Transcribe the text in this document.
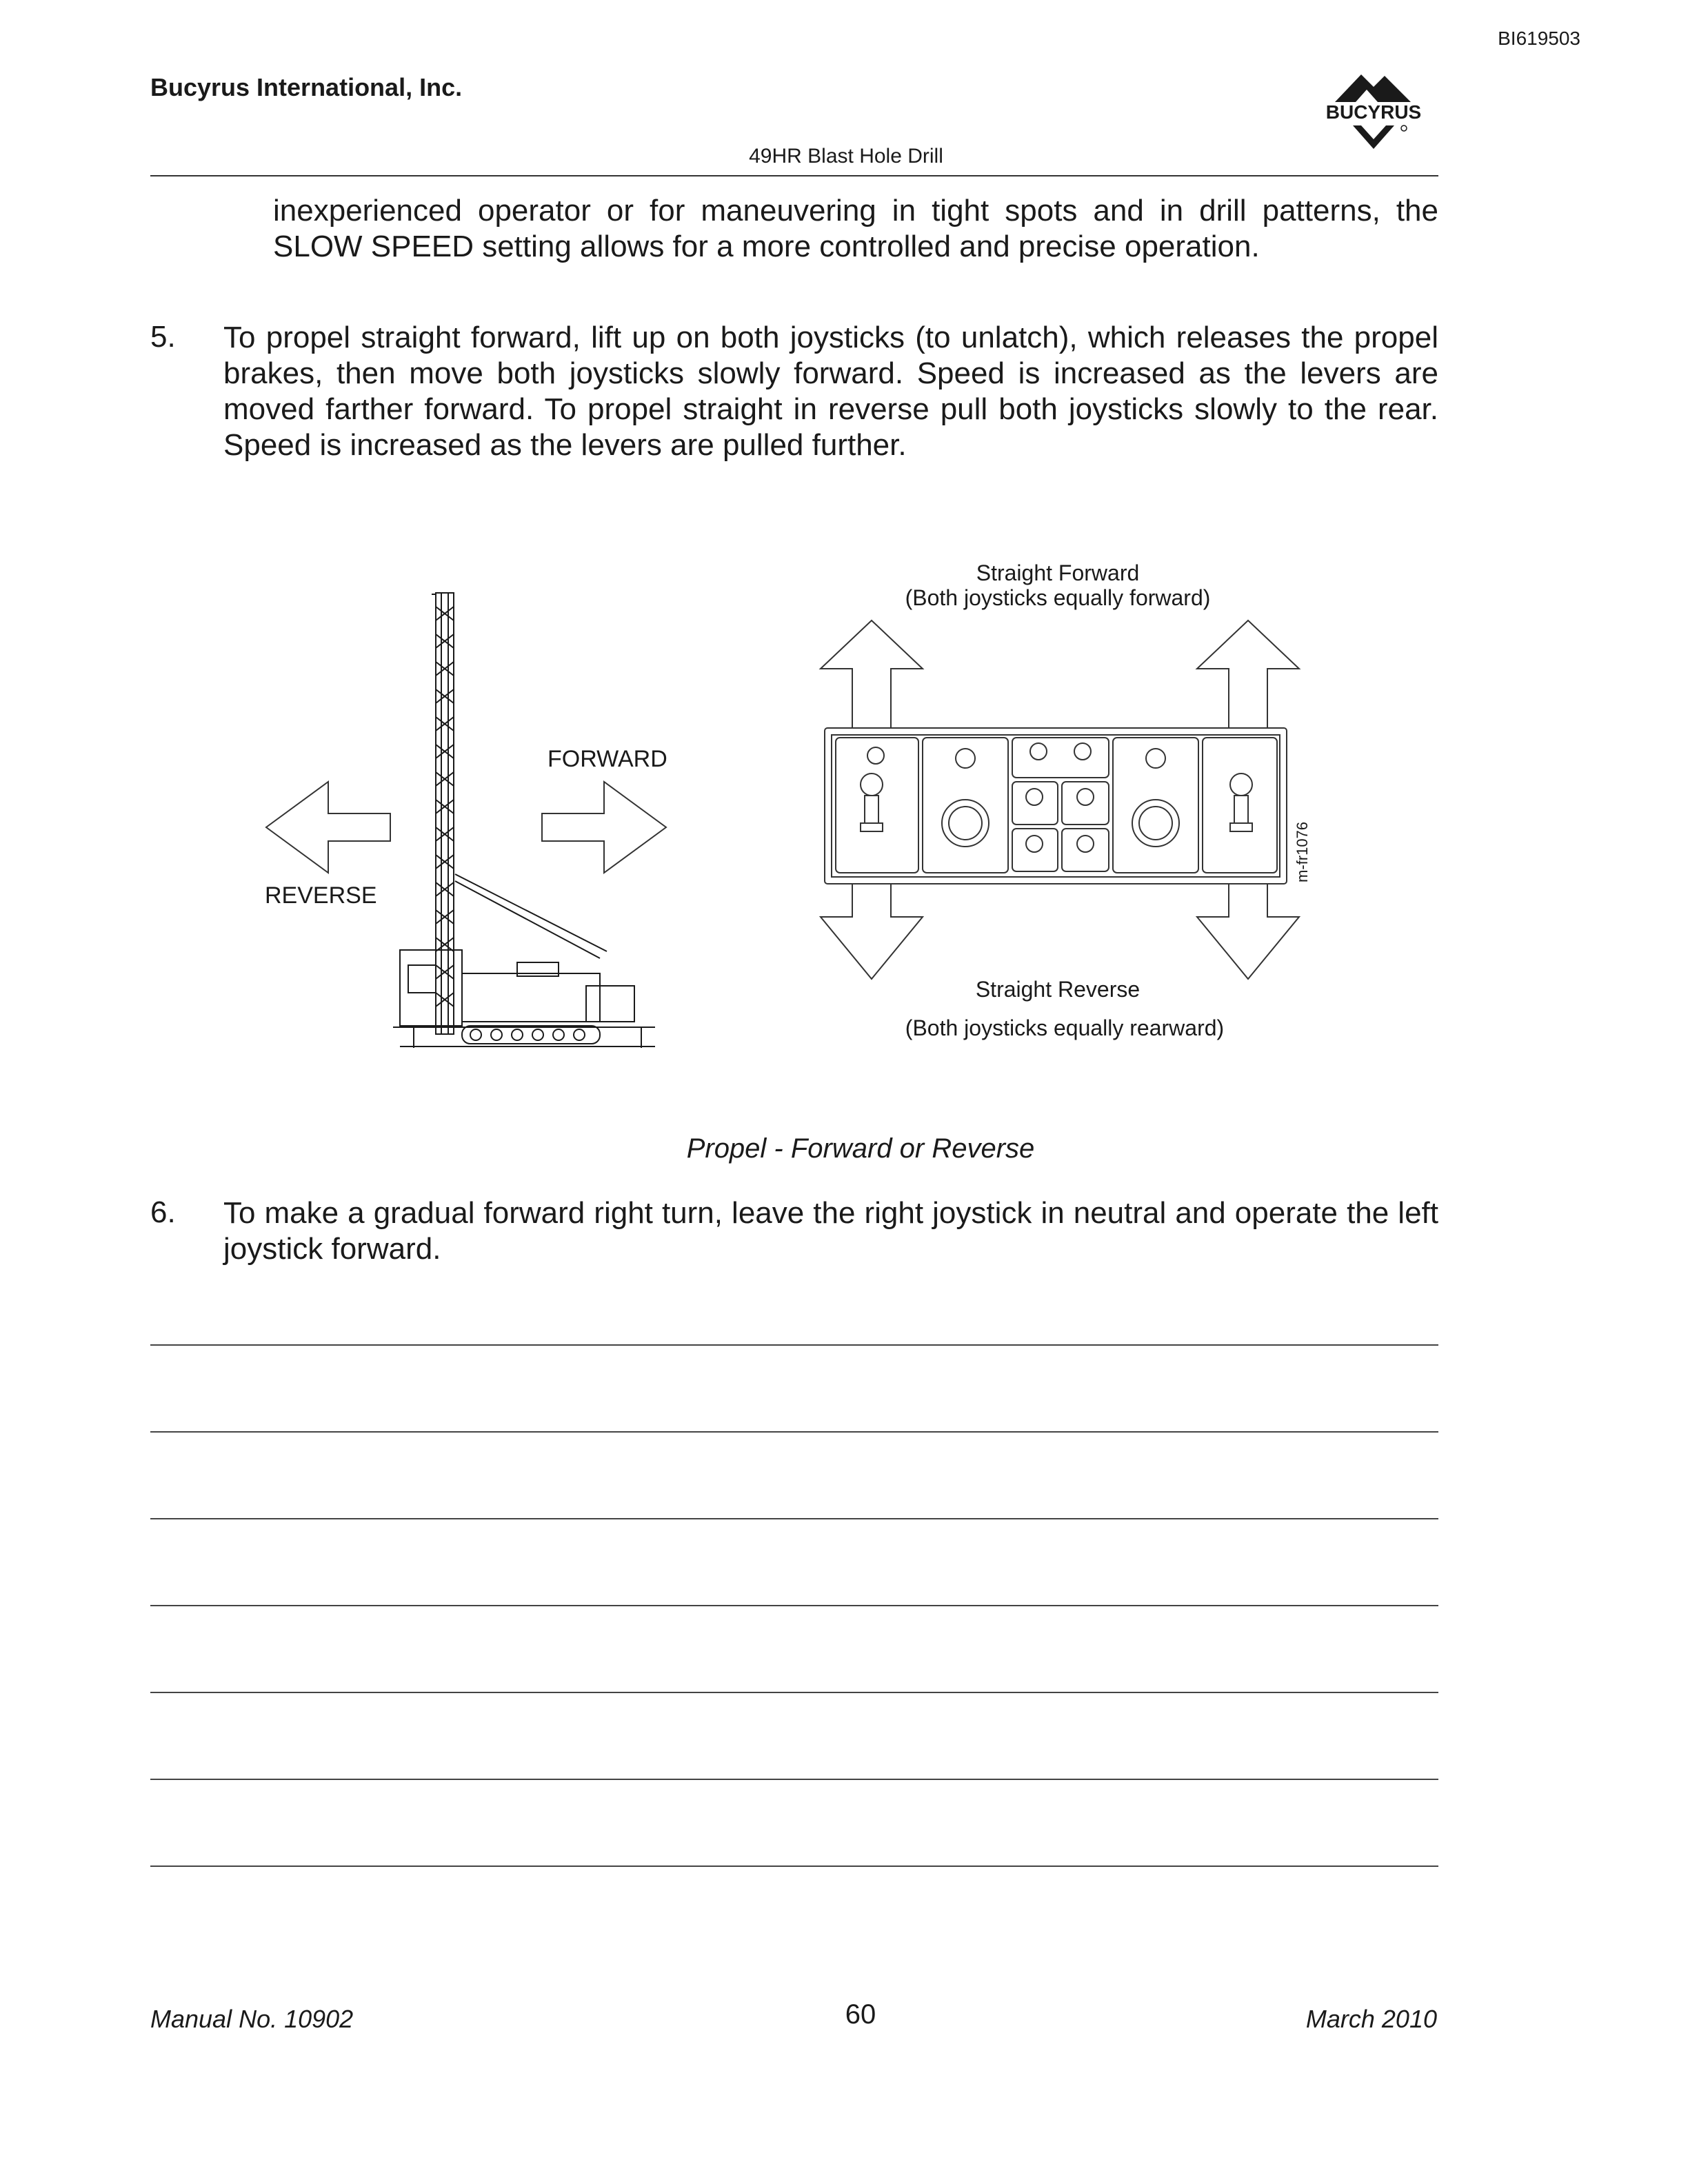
BI619503
Bucyrus International, Inc.
BUCYRUS
49HR Blast Hole Drill
inexperienced operator or for maneuvering in tight spots and in drill patterns, the SLOW SPEED setting allows for a more controlled and precise operation.
5. To propel straight forward, lift up on both joysticks (to unlatch), which releases the propel brakes, then move both joysticks slowly forward. Speed is increased as the levers are moved farther forward. To propel straight in reverse pull both joysticks slowly to the rear. Speed is increased as the levers are pulled further.
FORWARD
REVERSE
Straight Forward
(Both joysticks equally forward)
m-fr1076
Straight Reverse
(Both joysticks equally rearward)
Propel - Forward or Reverse
6. To make a gradual forward right turn, leave the right joystick in neutral and operate the left joystick forward.
Manual No. 10902	60	March 2010
